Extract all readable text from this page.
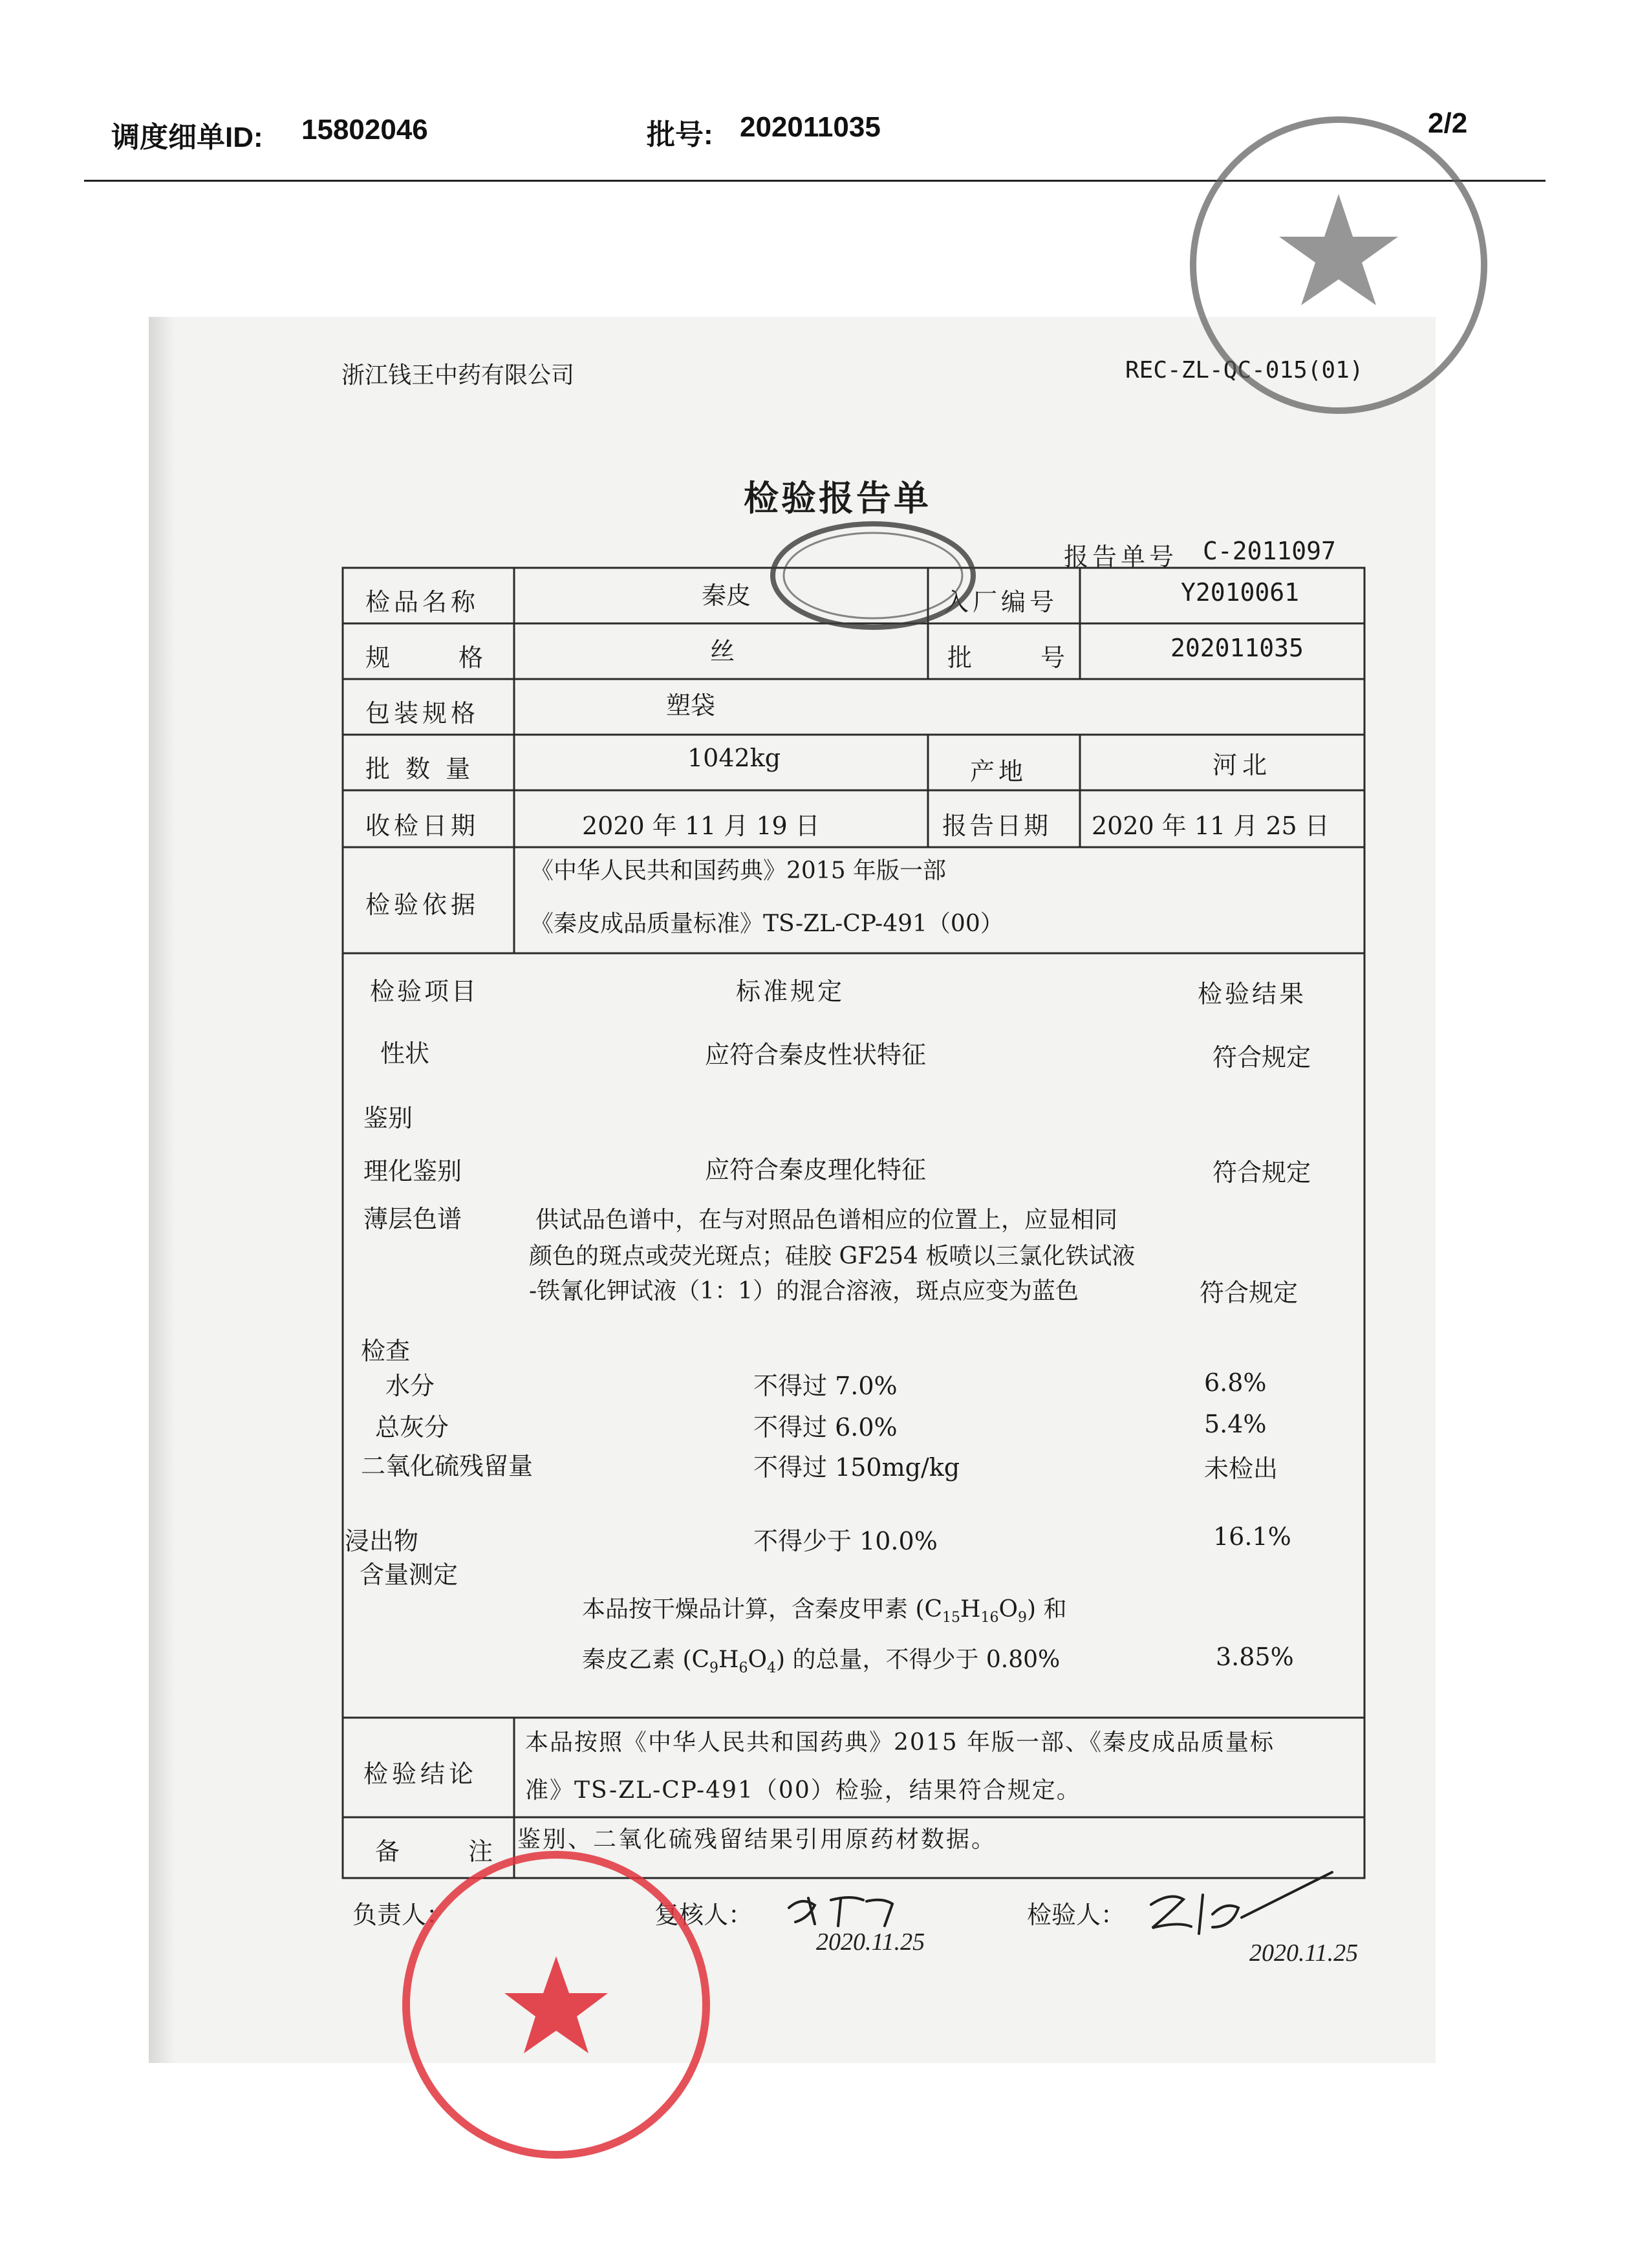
调度细单ID: 15802046	批号: 202011035	2/2
浙江钱王中药有限公司	REC-ZL-QC-015(01)
检验报告单
报告单号 C-2011097
检品名称	秦皮	入厂编号	Y2010061
规　　格	丝	批　　号	202011035
包装规格	塑袋
批 数 量	1042kg	产地	河北
收检日期	2020 年 11 月 19 日	报告日期 2020 年 11 月 25 日
检验依据
《中华人民共和国药典》2015 年版一部
《秦皮成品质量标准》TS-ZL-CP-491（00）
检验项目	标准规定	检验结果
性状	应符合秦皮性状特征	符合规定
鉴别
理化鉴别	应符合秦皮理化特征	符合规定
薄层色谱	供试品色谱中，在与对照品色谱相应的位置上，应显相同
颜色的斑点或荧光斑点；硅胶 GF254 板喷以三氯化铁试液
-铁氰化钾试液（1：1）的混合溶液，斑点应变为蓝色	符合规定
检查
水分	不得过 7.0%	6.8%
总灰分	不得过 6.0%	5.4%
二氧化硫残留量	不得过 150mg/kg	未检出
浸出物	不得少于 10.0%	16.1%
含量测定
本品按干燥品计算，含秦皮甲素 $(C_{15}H_{16}O_9)$ 和
秦皮乙素 $(C_9H_6O_4)$ 的总量，不得少于 0.80%	3.85%
检验结论
本品按照《中华人民共和国药典》2015 年版一部、《秦皮成品质量标
准》TS-ZL-CP-491（00）检验，结果符合规定。
备　　注 鉴别、二氧化硫残留结果引用原药材数据。
负责人：	复核人：	检验人：
2020.11.25	2020.11.25
